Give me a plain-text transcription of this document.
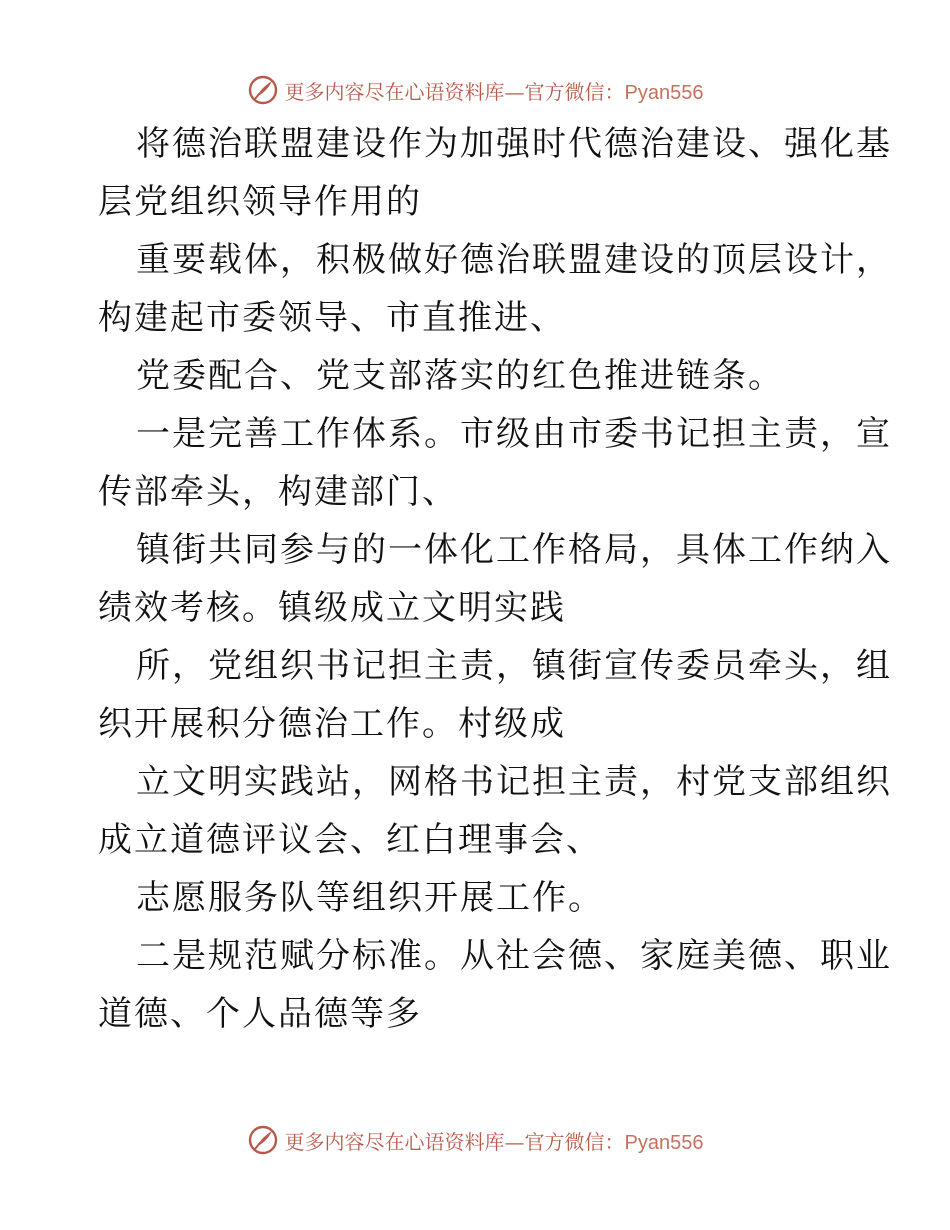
更多内容尽在心语资料库— 官方微信： Pyan556
将德治联盟建设作为加强时代德治建设、强化基
层党组织领导作用的
重要载体，积极做好德治联盟建设的顶层设计，
构建起市委领导、市直推进、
党委配合、党支部落实的红色推进链条。
一是完善工作体系。市级由市委书记担主责，宣
传部牵头，构建部门、
镇街共同参与的一体化工作格局，具体工作纳入
绩效考核。镇级成立文明实践
所，党组织书记担主责，镇街宣传委员牵头，组
织开展积分德治工作。村级成
立文明实践站，网格书记担主责，村党支部组织
成立道德评议会、红白理事会、
志愿服务队等组织开展工作。
二是规范赋分标准。从社会德、家庭美德、职业
道德、个人品德等多
更多内容尽在心语资料库— 官方微信： Pyan556
